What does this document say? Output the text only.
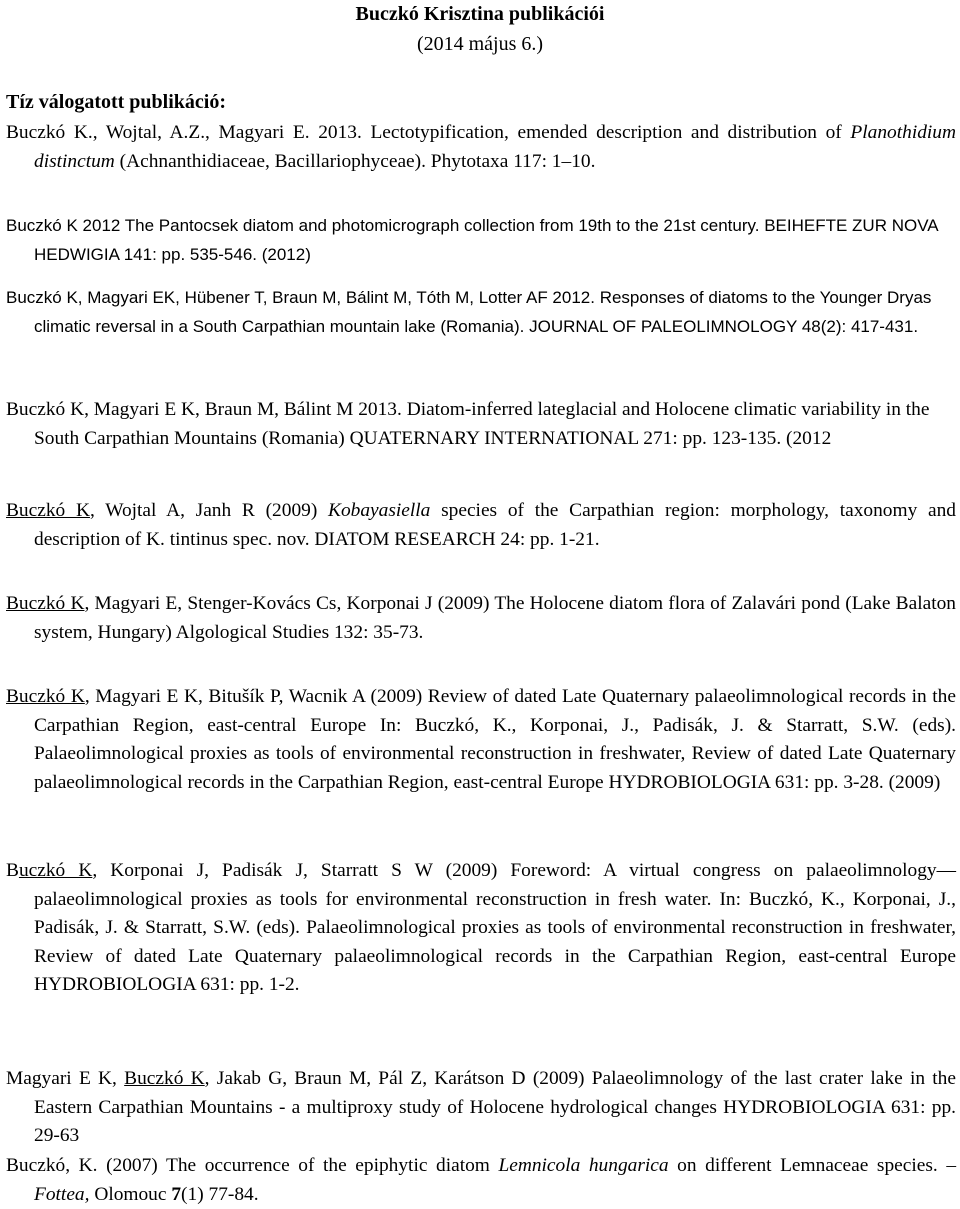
Buczkó Krisztina publikációi
(2014 május 6.)
Tíz válogatott publikáció:

Buczkó K., Wojtal, A.Z., Magyari E. 2013. Lectotypification, emended description and distribution of Planothidium distinctum (Achnanthidiaceae, Bacillariophyceae). Phytotaxa 117: 1–10.

Buczkó K 2012 The Pantocsek diatom and photomicrograph collection from 19th to the 21st century. BEIHEFTE ZUR NOVA HEDWIGIA 141: pp. 535-546. (2012)

Buczkó K, Magyari EK, Hübener T, Braun M, Bálint M, Tóth M, Lotter AF 2012. Responses of diatoms to the Younger Dryas climatic reversal in a South Carpathian mountain lake (Romania). JOURNAL OF PALEOLIMNOLOGY 48(2): 417-431.

Buczkó K, Magyari E K, Braun M, Bálint M 2013. Diatom-inferred lateglacial and Holocene climatic variability in the South Carpathian Mountains (Romania) QUATERNARY INTERNATIONAL 271: pp. 123-135. (2012

Buczkó K, Wojtal A, Janh R (2009) Kobayasiella species of the Carpathian region: morphology, taxonomy and description of K. tintinus spec. nov. DIATOM RESEARCH 24: pp. 1-21.

Buczkó K, Magyari E, Stenger-Kovács Cs, Korponai J (2009) The Holocene diatom flora of Zalavári pond (Lake Balaton system, Hungary) Algological Studies 132: 35-73.

Buczkó K, Magyari E K, Bitušík P, Wacnik A (2009) Review of dated Late Quaternary palaeolimnological records in the Carpathian Region, east-central Europe In: Buczkó, K., Korponai, J., Padisák, J. & Starratt, S.W. (eds). Palaeolimnological proxies as tools of environmental reconstruction in freshwater, Review of dated Late Quaternary palaeolimnological records in the Carpathian Region, east-central Europe HYDROBIOLOGIA 631: pp. 3-28. (2009)

Buczkó K, Korponai J, Padisák J, Starratt S W (2009) Foreword: A virtual congress on palaeolimnology—palaeolimnological proxies as tools for environmental reconstruction in fresh water. In: Buczkó, K., Korponai, J., Padisák, J. & Starratt, S.W. (eds). Palaeolimnological proxies as tools of environmental reconstruction in freshwater, Review of dated Late Quaternary palaeolimnological records in the Carpathian Region, east-central Europe HYDROBIOLOGIA 631: pp. 1-2.

Magyari E K, Buczkó K, Jakab G, Braun M, Pál Z, Karátson D (2009) Palaeolimnology of the last crater lake in the Eastern Carpathian Mountains - a multiproxy study of Holocene hydrological changes HYDROBIOLOGIA 631: pp. 29-63

Buczkó, K. (2007) The occurrence of the epiphytic diatom Lemnicola hungarica on different Lemnaceae species. – Fottea, Olomouc 7(1) 77-84.
